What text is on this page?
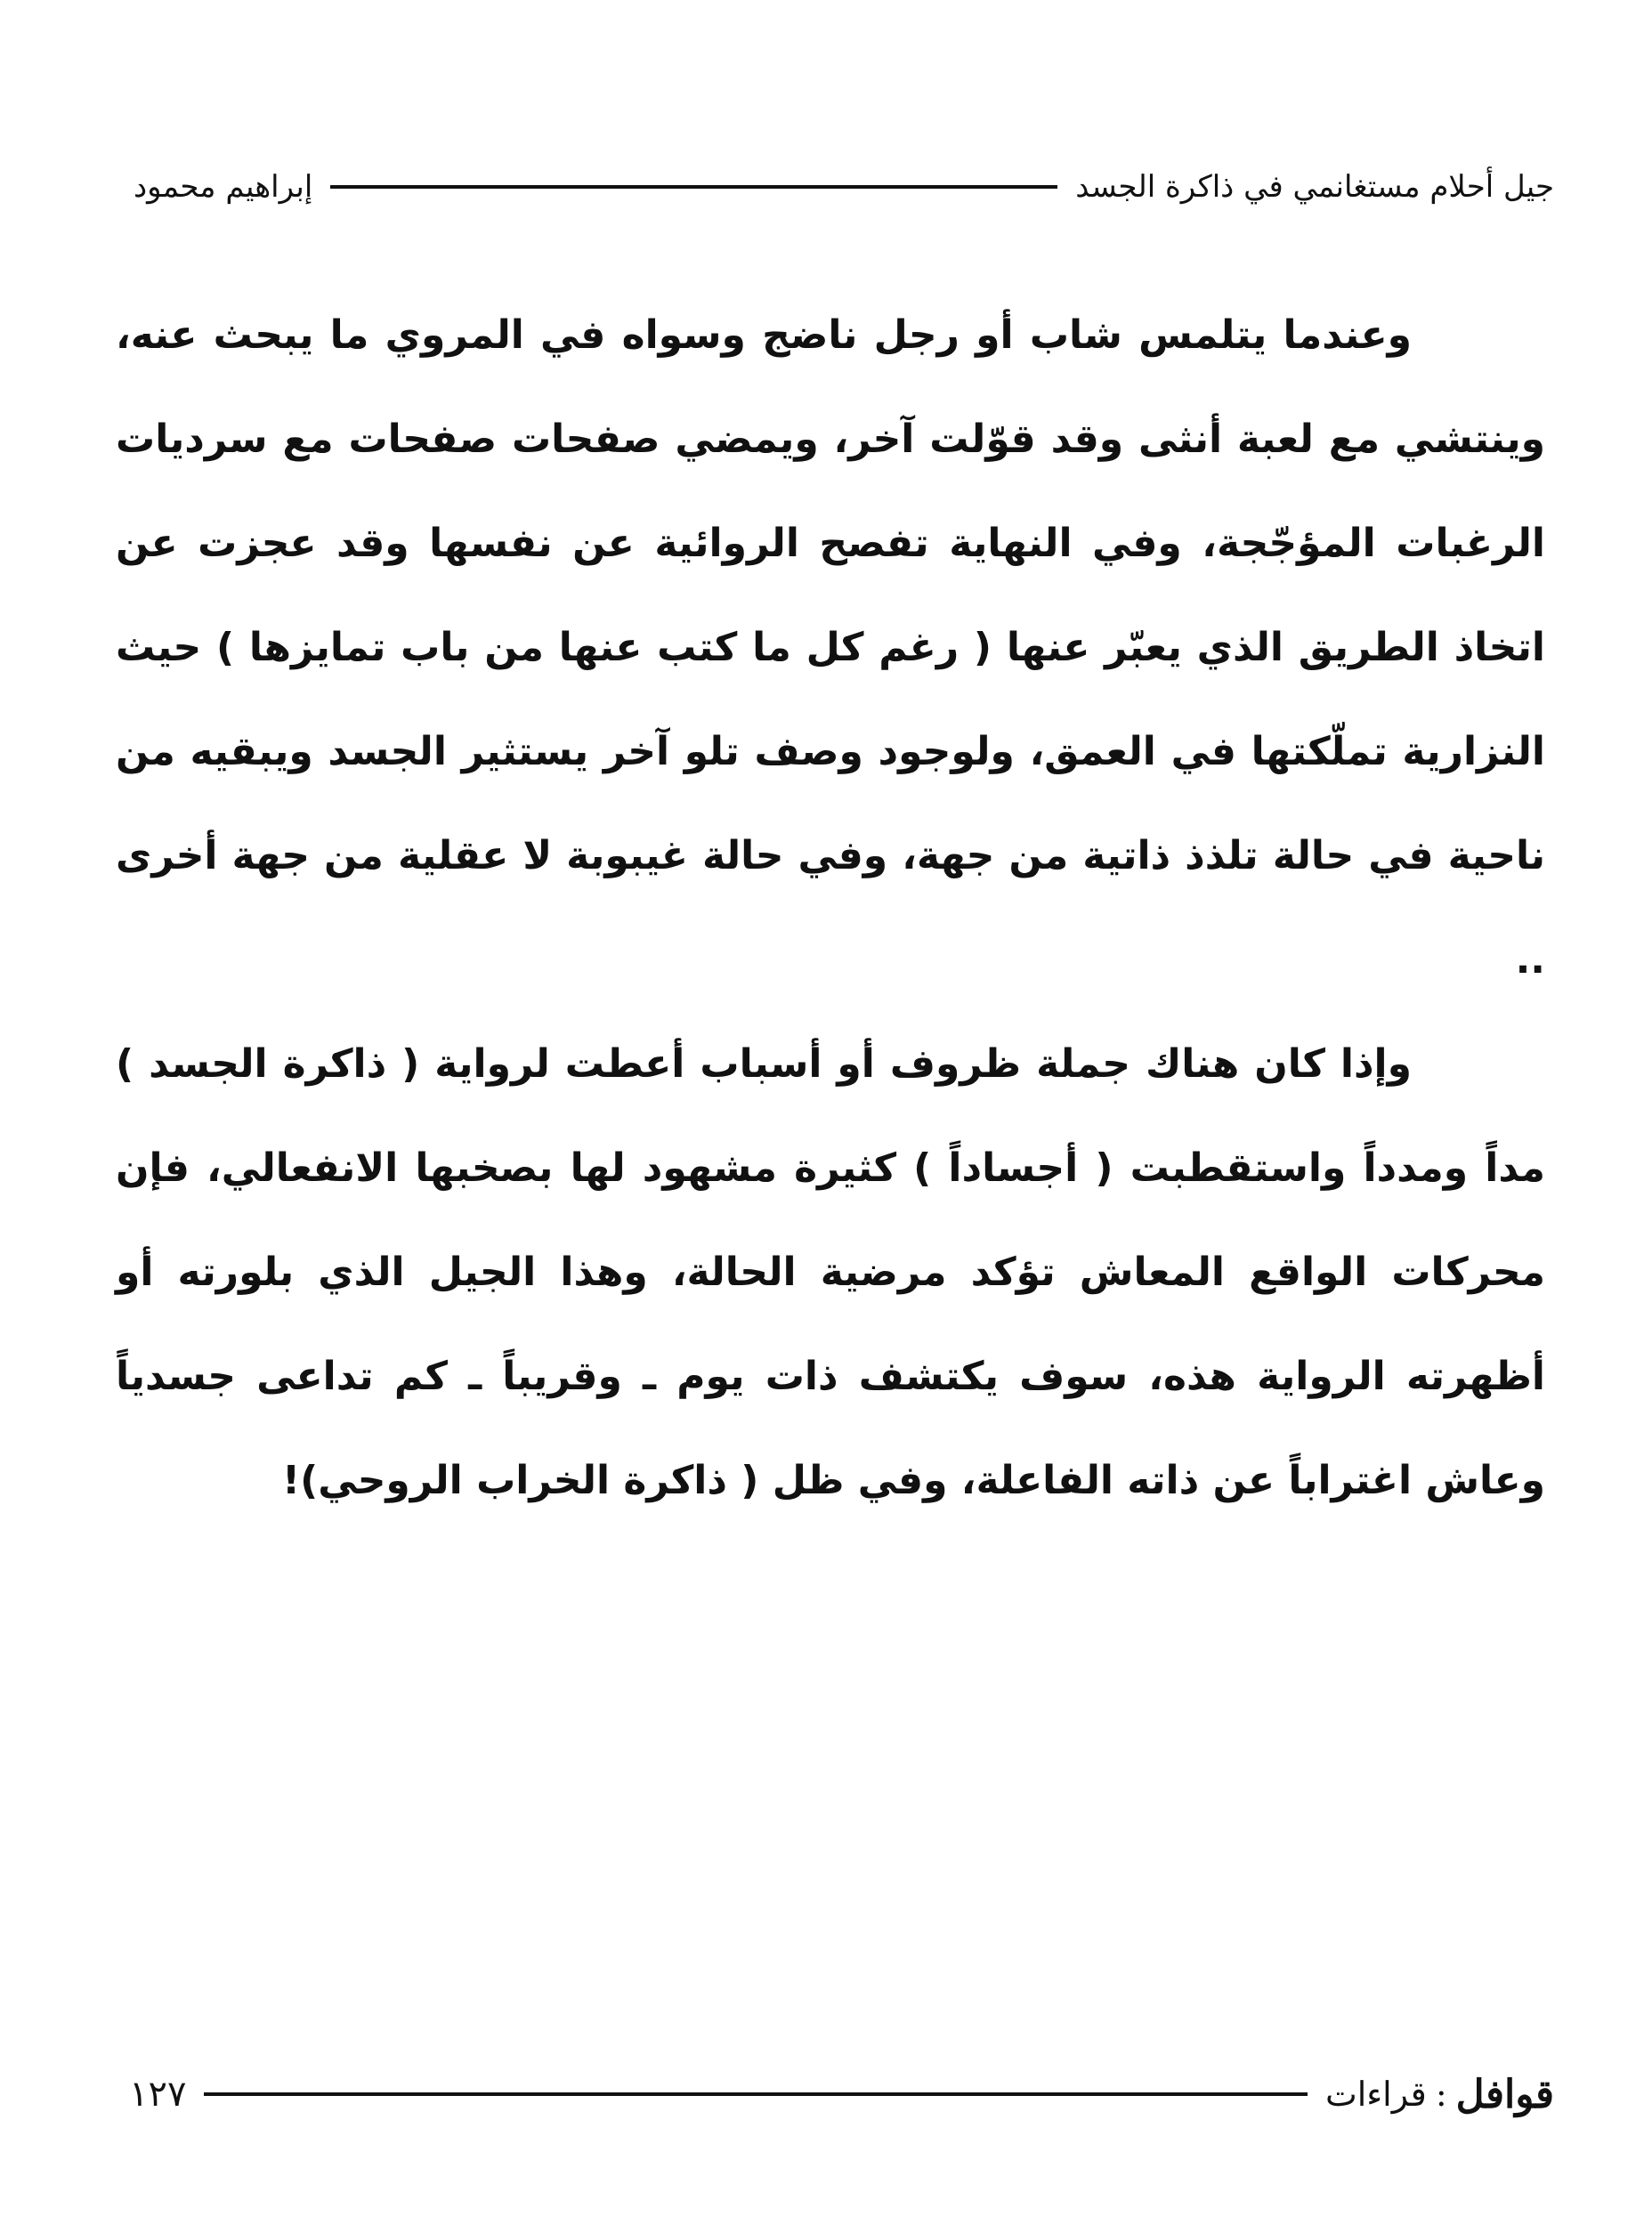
جيل أحلام مستغانمي في ذاكرة الجسد
إبراهيم محمود

وعندما يتلمس شاب أو رجل ناضج وسواه في المروي ما يبحث عنه، وينتشي مع لعبة أنثى وقد قوّلت آخر، ويمضي صفحات صفحات مع سرديات الرغبات المؤجّجة، وفي النهاية تفصح الروائية عن نفسها وقد عجزت عن اتخاذ الطريق الذي يعبّر عنها ( رغم كل ما كتب عنها من باب تمايزها ) حيث النزارية تملّكتها في العمق، ولوجود وصف تلو آخر يستثير الجسد ويبقيه من ناحية في حالة تلذذ ذاتية من جهة، وفي حالة غيبوبة لا عقلية من جهة أخرى ..

وإذا كان هناك جملة ظروف أو أسباب أعطت لرواية ( ذاكرة الجسد ) مداً ومدداً واستقطبت ( أجساداً ) كثيرة مشهود لها بصخبها الانفعالي، فإن محركات الواقع المعاش تؤكد مرضية الحالة، وهذا الجيل الذي بلورته أو أظهرته الرواية هذه، سوف يكتشف ذات يوم ـ وقريباً ـ كم تداعى جسدياً وعاش اغتراباً عن ذاته الفاعلة، وفي ظل ( ذاكرة الخراب الروحي)!

قوافل
:
قراءات
١٢٧
